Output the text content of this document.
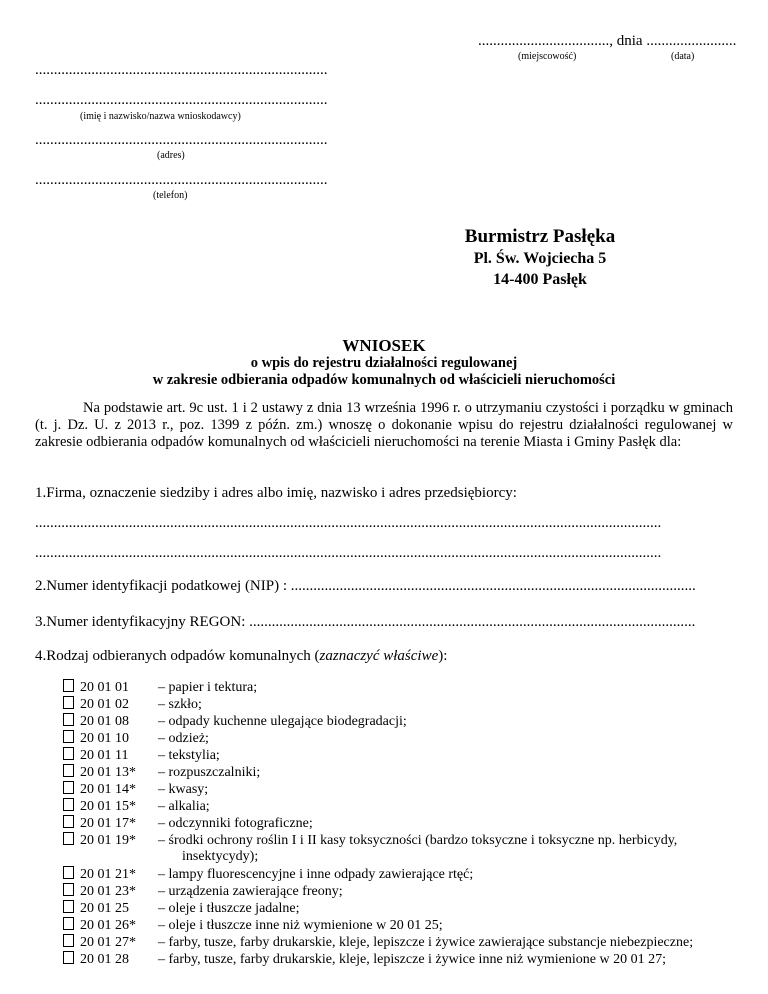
..................................., dnia ........................
(miejscowość)	(data)
..............................................................................
..............................................................................
(imię i nazwisko/nazwa wnioskodawcy)
..............................................................................
(adres)
..............................................................................
(telefon)
Burmistrz Pasłęka
Pl. Św. Wojciecha 5
14-400 Pasłęk
WNIOSEK
o wpis do rejestru działalności regulowanej
w zakresie odbierania odpadów komunalnych od właścicieli nieruchomości
Na podstawie art. 9c ust. 1 i 2 ustawy z dnia 13 września 1996 r. o utrzymaniu czystości i porządku w gminach (t. j. Dz. U. z 2013 r., poz. 1399 z późn. zm.) wnoszę o dokonanie wpisu do rejestru działalności regulowanej w zakresie odbierania odpadów komunalnych od właścicieli nieruchomości na terenie Miasta i Gminy Pasłęk dla:
1.Firma, oznaczenie siedziby i adres albo imię, nazwisko i adres przedsiębiorcy:
.......................................................................................................................................................................
.......................................................................................................................................................................
2.Numer identyfikacji podatkowej (NIP) : ............................................................................................................
3.Numer identyfikacyjny REGON: .......................................................................................................................
4.Rodzaj odbieranych odpadów komunalnych (zaznaczyć właściwe):
20 01 01 – papier i tektura;
20 01 02 – szkło;
20 01 08 – odpady kuchenne ulegające biodegradacji;
20 01 10 – odzież;
20 01 11 – tekstylia;
20 01 13* – rozpuszczalniki;
20 01 14* – kwasy;
20 01 15* – alkalia;
20 01 17* – odczynniki fotograficzne;
20 01 19* – środki ochrony roślin I i II kasy toksyczności (bardzo toksyczne i toksyczne np. herbicydy,
insektycydy);
20 01 21* – lampy fluorescencyjne i inne odpady zawierające rtęć;
20 01 23* – urządzenia zawierające freony;
20 01 25 – oleje i tłuszcze jadalne;
20 01 26* – oleje i tłuszcze inne niż wymienione w 20 01 25;
20 01 27* – farby, tusze, farby drukarskie, kleje, lepiszcze i żywice zawierające substancje niebezpieczne;
20 01 28 – farby, tusze, farby drukarskie, kleje, lepiszcze i żywice inne niż wymienione w 20 01 27;
